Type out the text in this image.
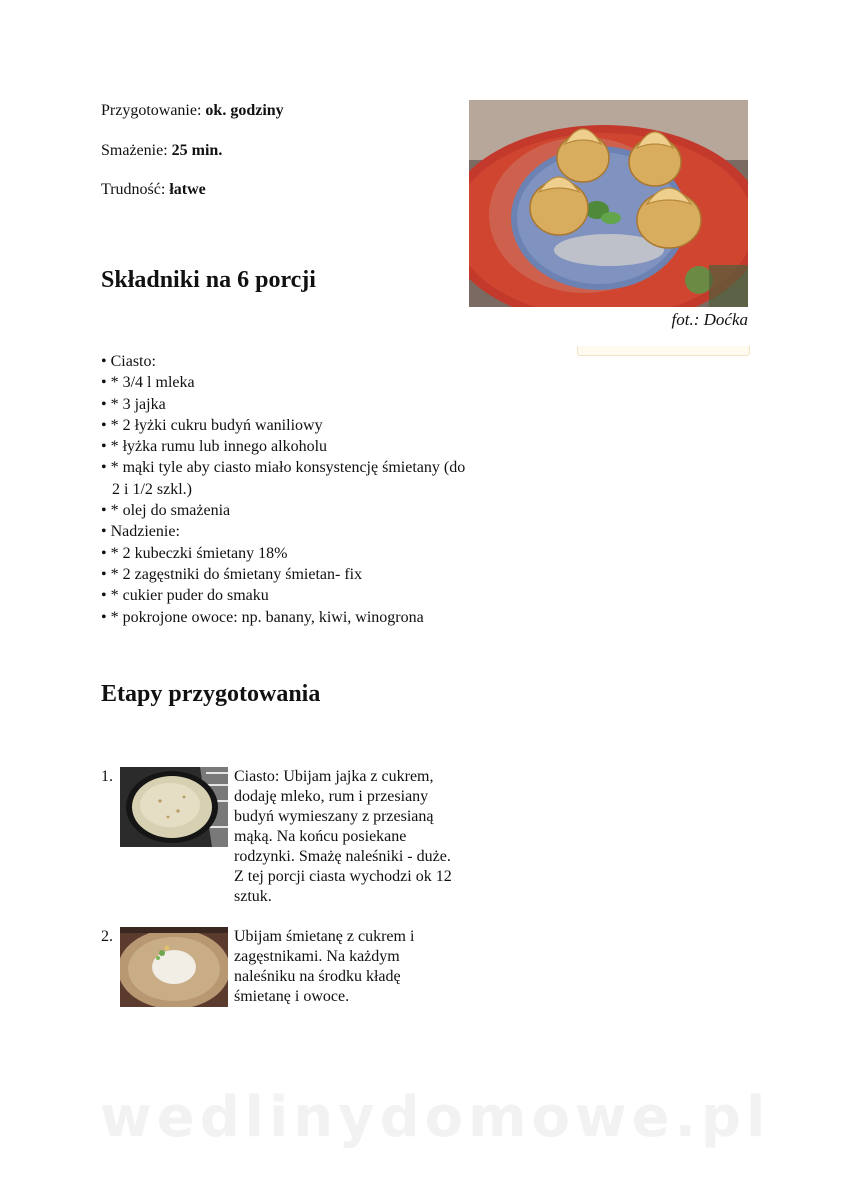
Przygotowanie: ok. godziny
Smażenie: 25 min.
Trudność: łatwe
fot.: Doćka
Składniki na 6 porcji
• Ciasto:
• * 3/4 l mleka
• * 3 jajka
• * 2 łyżki cukru budyń waniliowy
• * łyżka rumu lub innego alkoholu
• * mąki tyle aby ciasto miało konsystencję śmietany (do 2 i 1/2 szkl.)
• * olej do smażenia
• Nadzienie:
• * 2 kubeczki śmietany 18%
• * 2 zagęstniki do śmietany śmietan- fix
• * cukier puder do smaku
• * pokrojone owoce: np. banany, kiwi, winogrona
Etapy przygotowania
1.	Ciasto: Ubijam jajka z cukrem, dodaję mleko, rum i przesiany budyń wymieszany z przesianą mąką. Na końcu posiekane rodzynki. Smażę naleśniki - duże. Z tej porcji ciasta wychodzi ok 12 sztuk.
2.	Ubijam śmietanę z cukrem i zagęstnikami. Na każdym naleśniku na środku kładę śmietanę i owoce.
wedlinydomowe.pl
